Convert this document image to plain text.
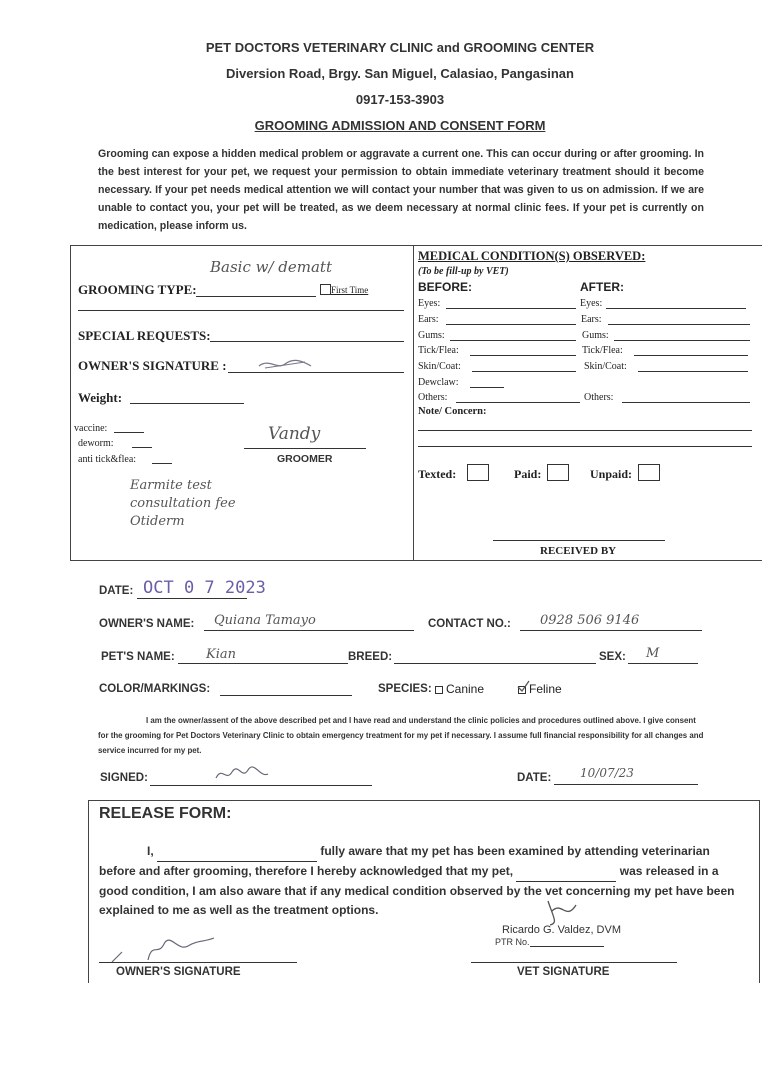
PET DOCTORS VETERINARY CLINIC and GROOMING CENTER
Diversion Road, Brgy. San Miguel, Calasiao, Pangasinan
0917-153-3903
GROOMING ADMISSION AND CONSENT FORM
Grooming can expose a hidden medical problem or aggravate a current one. This can occur during or after grooming. In the best interest for your pet, we request your permission to obtain immediate veterinary treatment should it become necessary. If your pet needs medical attention we will contact your number that was given to us on admission. If we are unable to contact you, your pet will be treated, as we deem necessary at normal clinic fees. If your pet is currently on medication, please inform us.
Basic w/ dematt
GROOMING TYPE:	First Time
SPECIAL REQUESTS:
OWNER'S SIGNATURE :
Weight:
vaccine:
deworm:
anti tick&flea:
Vandy
GROOMER
Earmite test
consultation fee
Otiderm
MEDICAL CONDITION(S) OBSERVED:
(To be fill-up by VET)
BEFORE:	AFTER:
Eyes:	Eyes:
Ears:	Ears:
Gums:	Gums:
Tick/Flea:	Tick/Flea:
Skin/Coat:	Skin/Coat:
Dewclaw:
Others:	Others:
Note/ Concern:
Texted:	Paid:	Unpaid:
RECEIVED BY
DATE: OCT 0 7 2023
OWNER'S NAME: Quiana Tamayo	CONTACT NO.: 0928 506 9146
PET'S NAME: Kian	BREED:	SEX: M
COLOR/MARKINGS:	SPECIES: Canine	Feline
I am the owner/assent of the above described pet and I have read and understand the clinic policies and procedures outlined above. I give consent for the grooming for Pet Doctors Veterinary Clinic to obtain emergency treatment for my pet if necessary. I assume full financial responsibility for all changes and service incurred for my pet.
SIGNED:	DATE: 10/07/23
RELEASE FORM:
I,	fully aware that my pet has been examined by attending veterinarian before and after grooming, therefore I hereby acknowledged that my pet,	was released in a good condition, I am also aware that if any medical condition observed by the vet concerning my pet have been explained to me as well as the treatment options.
Ricardo G. Valdez, DVM
PTR No.
OWNER'S SIGNATURE	VET SIGNATURE
